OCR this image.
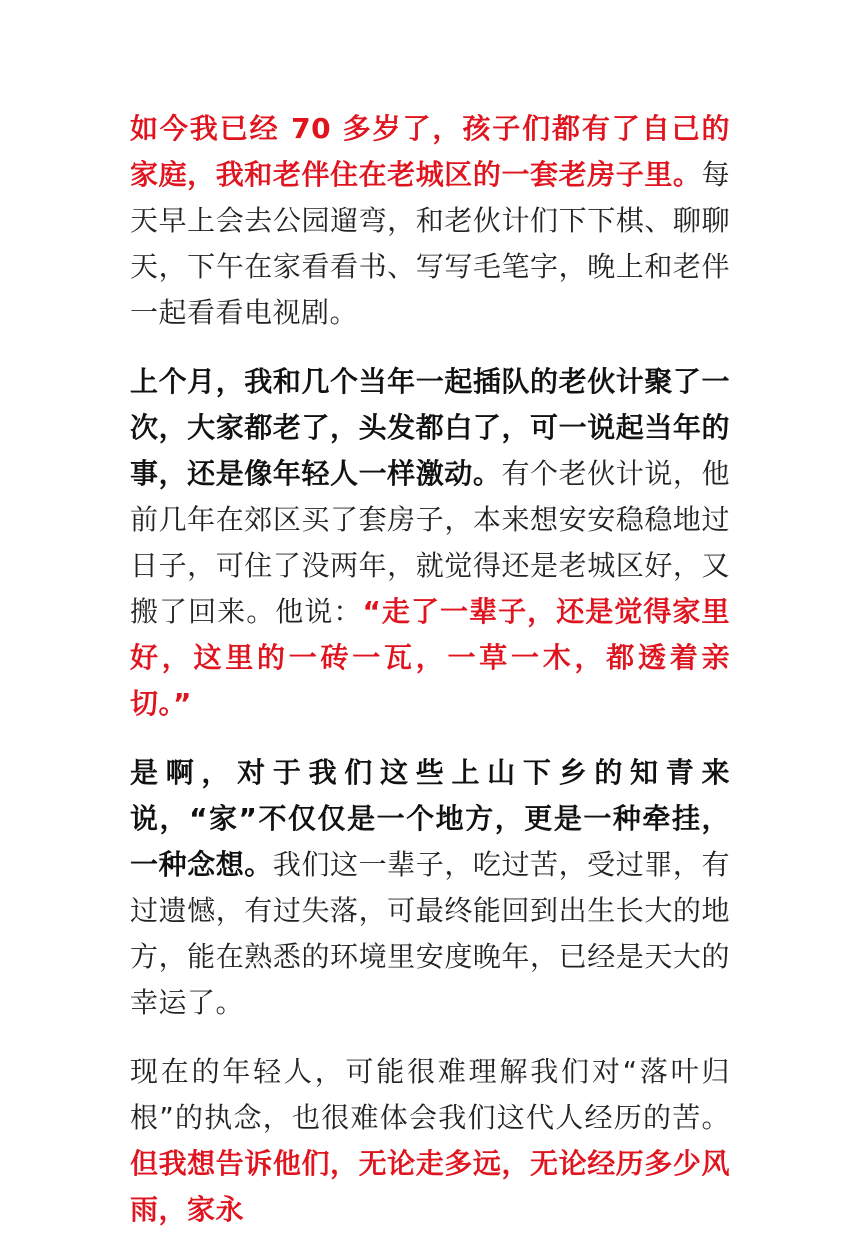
如今我已经 70 多岁了，孩子们都有了自己的家庭，我和老伴住在老城区的一套老房子里。每天早上会去公园遛弯，和老伙计们下下棋、聊聊天，下午在家看看书、写写毛笔字，晚上和老伴一起看看电视剧。

上个月，我和几个当年一起插队的老伙计聚了一次，大家都老了，头发都白了，可一说起当年的事，还是像年轻人一样激动。有个老伙计说，他前几年在郊区买了套房子，本来想安安稳稳地过日子，可住了没两年，就觉得还是老城区好，又搬了回来。他说：“走了一辈子，还是觉得家里好，这里的一砖一瓦，一草一木，都透着亲切。”

是啊，对于我们这些上山下乡的知青来说，“家”不仅仅是一个地方，更是一种牵挂，一种念想。我们这一辈子，吃过苦，受过罪，有过遗憾，有过失落，可最终能回到出生长大的地方，能在熟悉的环境里安度晚年，已经是天大的幸运了。

现在的年轻人，可能很难理解我们对“落叶归根”的执念，也很难体会我们这代人经历的苦。但我想告诉他们，无论走多远，无论经历多少风雨，家永
